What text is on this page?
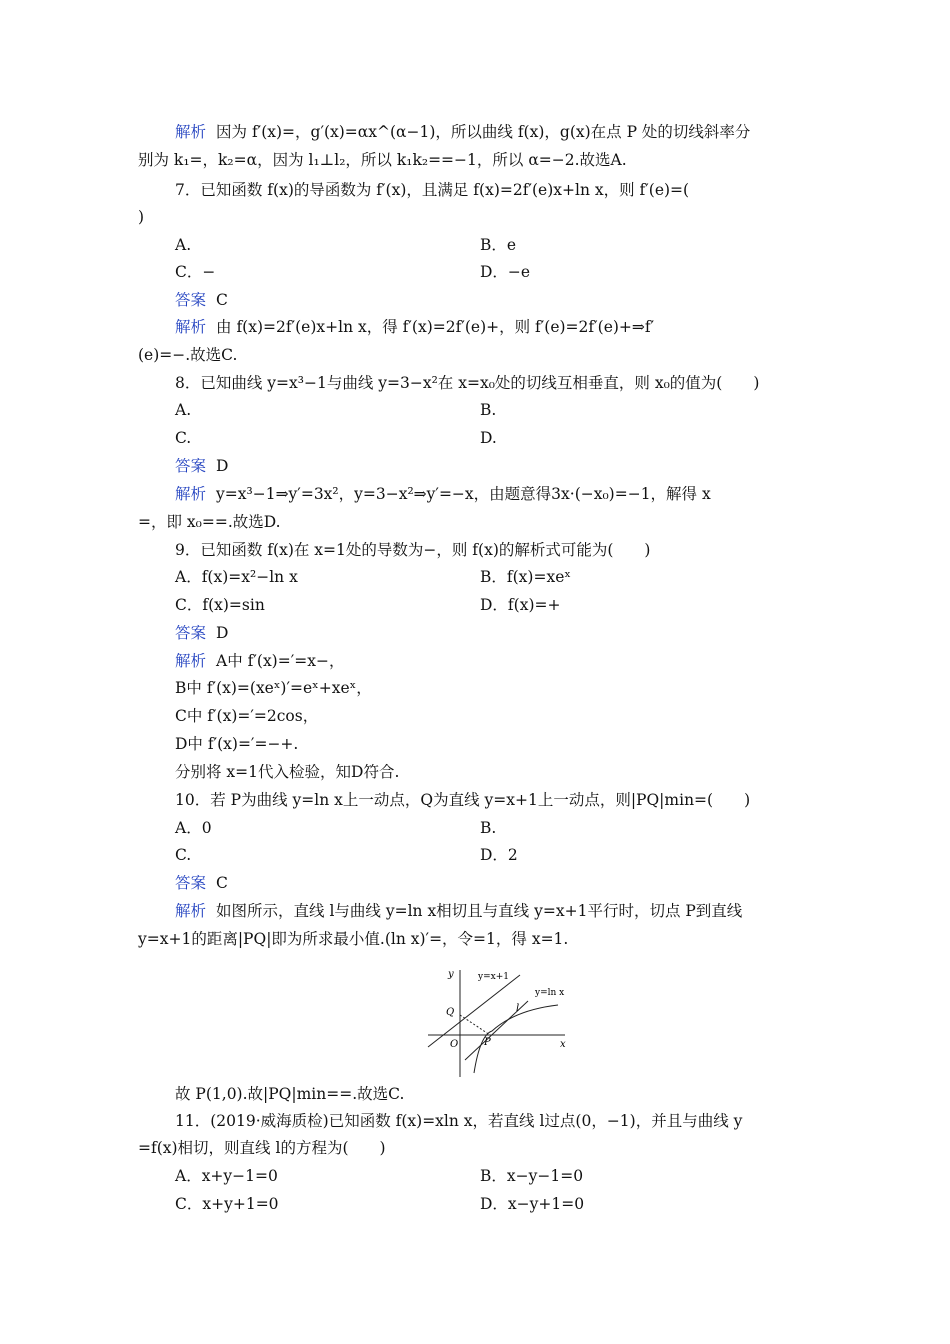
解析 因为 f′(x)=，g′(x)=αx^(α−1)，所以曲线 f(x)，g(x)在点 P 处的切线斜率分
别为 k₁=，k₂=α，因为 l₁⊥l₂，所以 k₁k₂==−1，所以 α=−2.故选A.
7．已知函数 f(x)的导函数为 f′(x)，且满足 f(x)=2f′(e)x+ln x，则 f′(e)=(
)
A.	B．e
C．−	D．−e
答案 C
解析 由 f(x)=2f′(e)x+ln x，得 f′(x)=2f′(e)+，则 f′(e)=2f′(e)+⇒f′
(e)=−.故选C.
8．已知曲线 y=x³−1与曲线 y=3−x²在 x=x₀处的切线互相垂直，则 x₀的值为(　　)
A.	B.
C.	D.
答案 D
解析 y=x³−1⇒y′=3x²，y=3−x²⇒y′=−x，由题意得3x·(−x₀)=−1，解得 x
=，即 x₀==.故选D.
9．已知函数 f(x)在 x=1处的导数为−，则 f(x)的解析式可能为(　　)
A．f(x)=x²−ln x	B．f(x)=xeˣ
C．f(x)=sin	D．f(x)=+
答案 D
解析 A中 f′(x)=′=x−，
B中 f′(x)=(xeˣ)′=eˣ+xeˣ，
C中 f′(x)=′=2cos，
D中 f′(x)=′=−+.
分别将 x=1代入检验，知D符合.
10．若 P为曲线 y=ln x上一动点，Q为直线 y=x+1上一动点，则|PQ|min=(　　)
A．0	B.
C.	D．2
答案 C
解析 如图所示，直线 l与曲线 y=ln x相切且与直线 y=x+1平行时，切点 P到直线
y=x+1的距离|PQ|即为所求最小值.(ln x)′=，令=1，得 x=1.
y
x
O
Q
P
l
y=x+1
y=ln x
故 P(1,0).故|PQ|min==.故选C.
11．(2019·威海质检)已知函数 f(x)=xln x，若直线 l过点(0，−1)，并且与曲线 y
=f(x)相切，则直线 l的方程为(　　)
A．x+y−1=0	B．x−y−1=0
C．x+y+1=0	D．x−y+1=0
